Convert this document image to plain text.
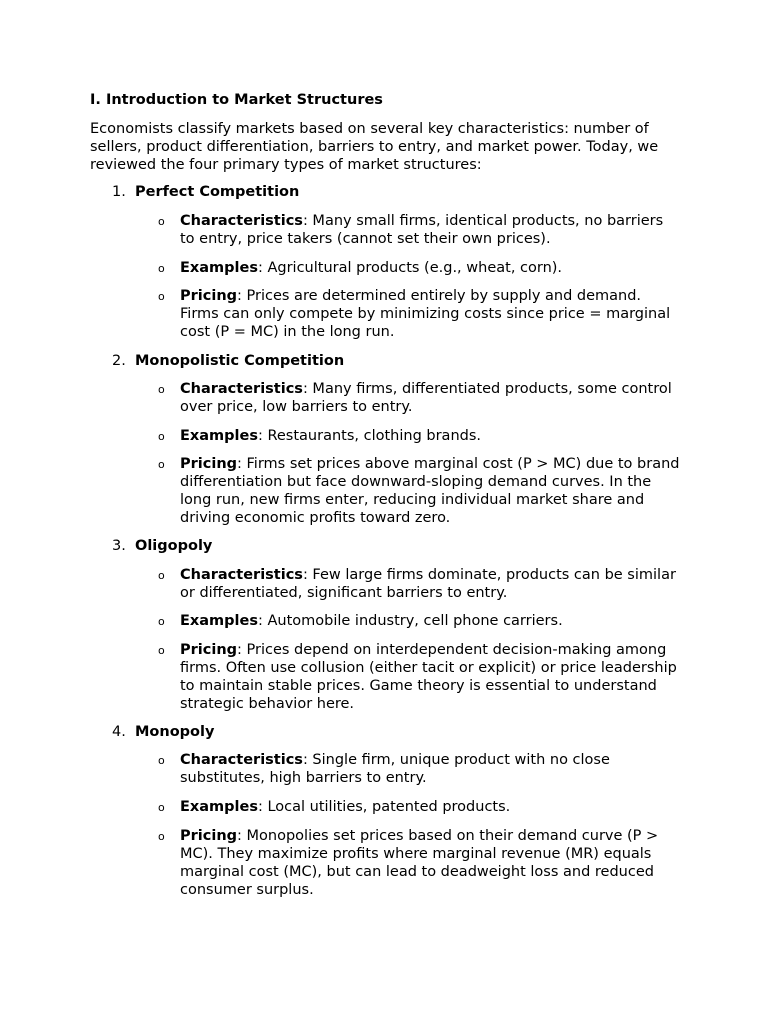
I. Introduction to Market Structures
Economists classify markets based on several key characteristics: number of sellers, product differentiation, barriers to entry, and market power. Today, we reviewed the four primary types of market structures:
1. Perfect Competition
o Characteristics: Many small firms, identical products, no barriers to entry, price takers (cannot set their own prices).
o Examples: Agricultural products (e.g., wheat, corn).
o Pricing: Prices are determined entirely by supply and demand. Firms can only compete by minimizing costs since price = marginal cost (P = MC) in the long run.
2. Monopolistic Competition
o Characteristics: Many firms, differentiated products, some control over price, low barriers to entry.
o Examples: Restaurants, clothing brands.
o Pricing: Firms set prices above marginal cost (P > MC) due to brand differentiation but face downward-sloping demand curves. In the long run, new firms enter, reducing individual market share and driving economic profits toward zero.
3. Oligopoly
o Characteristics: Few large firms dominate, products can be similar or differentiated, significant barriers to entry.
o Examples: Automobile industry, cell phone carriers.
o Pricing: Prices depend on interdependent decision-making among firms. Often use collusion (either tacit or explicit) or price leadership to maintain stable prices. Game theory is essential to understand strategic behavior here.
4. Monopoly
o Characteristics: Single firm, unique product with no close substitutes, high barriers to entry.
o Examples: Local utilities, patented products.
o Pricing: Monopolies set prices based on their demand curve (P > MC). They maximize profits where marginal revenue (MR) equals marginal cost (MC), but can lead to deadweight loss and reduced consumer surplus.
